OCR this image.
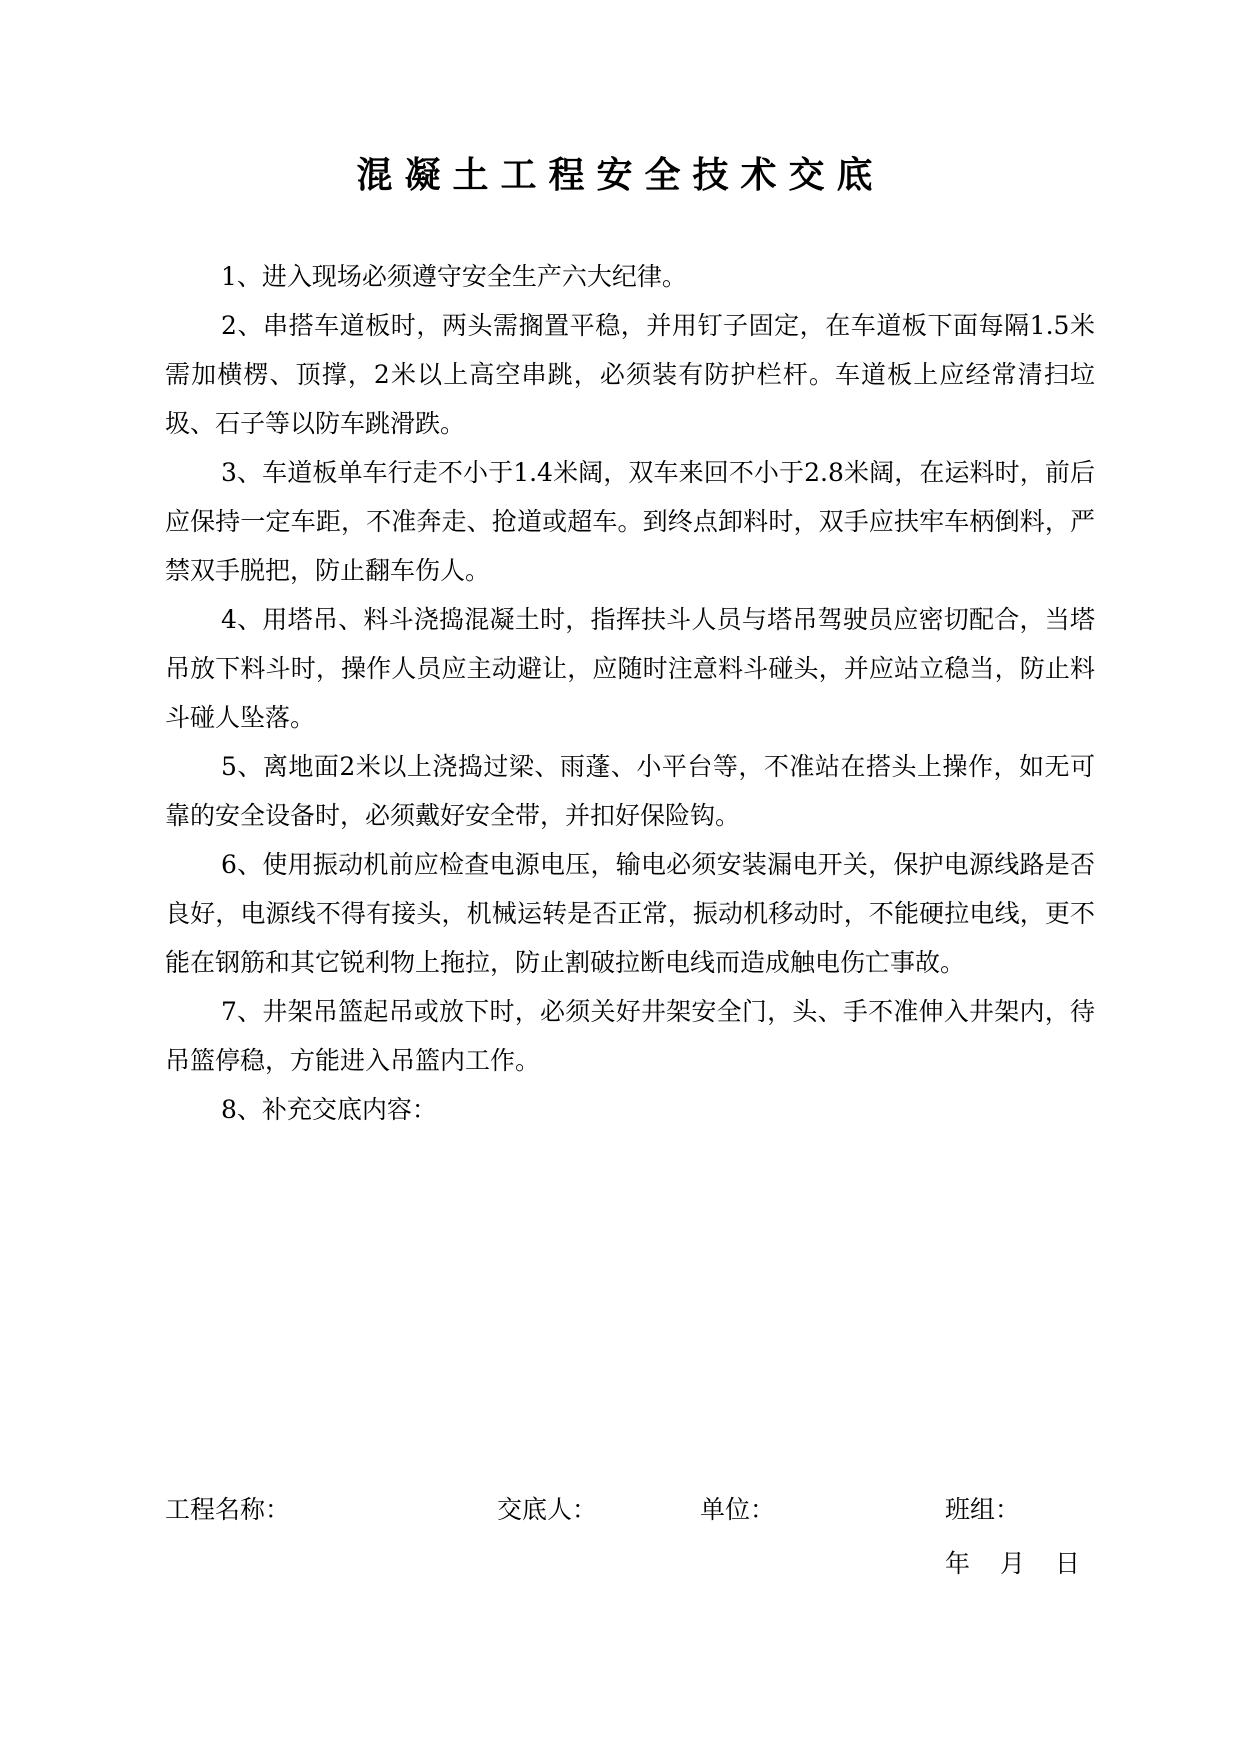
混凝土工程安全技术交底

1、进入现场必须遵守安全生产六大纪律。

2、串搭车道板时，两头需搁置平稳，并用钉子固定，在车道板下面每隔1.5米需加横楞、顶撑，2米以上高空串跳，必须装有防护栏杆。车道板上应经常清扫垃圾、石子等以防车跳滑跌。

3、车道板单车行走不小于1.4米阔，双车来回不小于2.8米阔，在运料时，前后应保持一定车距，不准奔走、抢道或超车。到终点卸料时，双手应扶牢车柄倒料，严禁双手脱把，防止翻车伤人。

4、用塔吊、料斗浇捣混凝土时，指挥扶斗人员与塔吊驾驶员应密切配合，当塔吊放下料斗时，操作人员应主动避让，应随时注意料斗碰头，并应站立稳当，防止料斗碰人坠落。

5、离地面2米以上浇捣过梁、雨蓬、小平台等，不准站在搭头上操作，如无可靠的安全设备时，必须戴好安全带，并扣好保险钩。

6、使用振动机前应检查电源电压，输电必须安装漏电开关，保护电源线路是否良好，电源线不得有接头，机械运转是否正常，振动机移动时，不能硬拉电线，更不能在钢筋和其它锐利物上拖拉，防止割破拉断电线而造成触电伤亡事故。

7、井架吊篮起吊或放下时，必须关好井架安全门，头、手不准伸入井架内，待吊篮停稳，方能进入吊篮内工作。

8、补充交底内容：

工程名称：	交底人：	单位：	班组：
年 月 日
